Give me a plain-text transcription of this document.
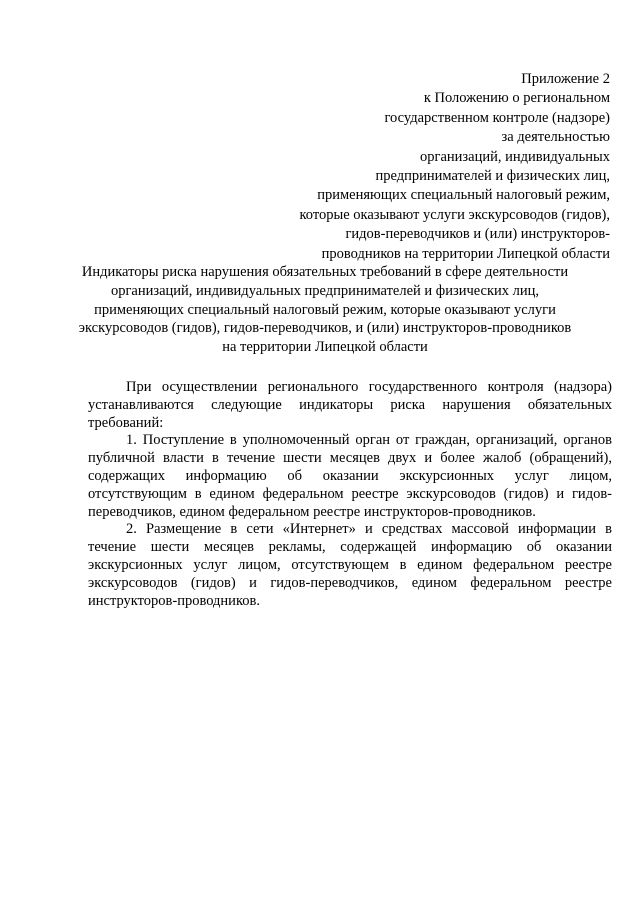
Приложение 2
к Положению о региональном
государственном контроле (надзоре)
за деятельностью
организаций, индивидуальных
предпринимателей и физических лиц,
применяющих специальный налоговый режим,
которые оказывают услуги экскурсоводов (гидов),
гидов-переводчиков и (или) инструкторов-
проводников на территории Липецкой области
Индикаторы риска нарушения обязательных требований в сфере деятельности
организаций, индивидуальных предпринимателей и физических лиц,
применяющих специальный налоговый режим, которые оказывают услуги
экскурсоводов (гидов), гидов-переводчиков, и (или) инструкторов-проводников
на территории Липецкой области

При осуществлении регионального государственного контроля (надзора) устанавливаются следующие индикаторы риска нарушения обязательных требований:

1. Поступление в уполномоченный орган от граждан, организаций, органов публичной власти в течение шести месяцев двух и более жалоб (обращений), содержащих информацию об оказании экскурсионных услуг лицом, отсутствующим в едином федеральном реестре экскурсоводов (гидов) и гидов- переводчиков, едином федеральном реестре инструкторов-проводников.

2. Размещение в сети «Интернет» и средствах массовой информации в течение шести месяцев рекламы, содержащей информацию об оказании экскурсионных услуг лицом, отсутствующем в едином федеральном реестре экскурсоводов (гидов) и гидов-переводчиков, едином федеральном реестре инструкторов-проводников.
